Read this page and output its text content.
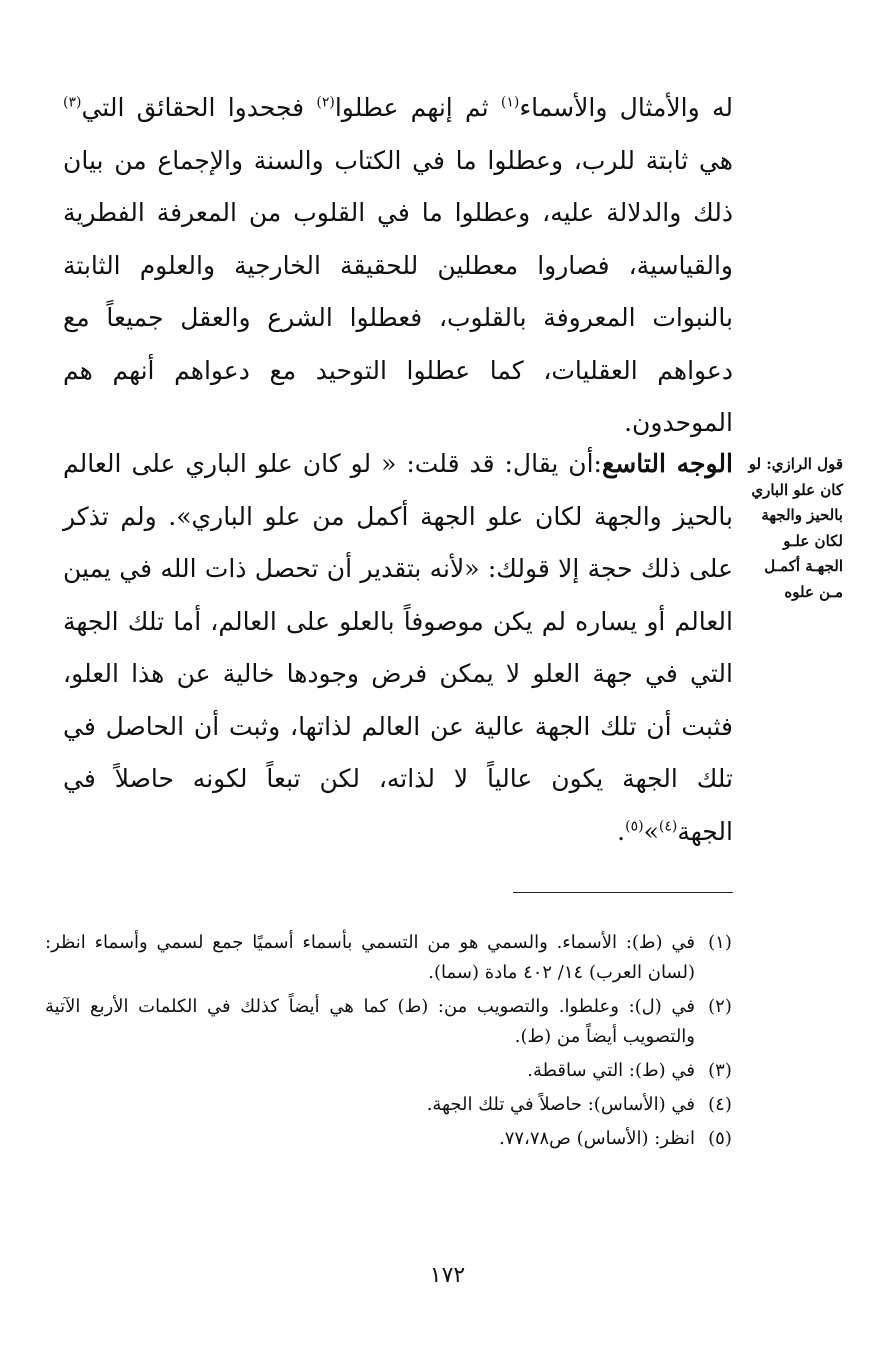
له والأمثال والأسماء$^{(١)}$ ثم إنهم عطلوا$^{(٢)}$ فجحدوا الحقائق التي$^{(٣)}$ هي ثابتة للرب، وعطلوا ما في الكتاب والسنة والإجماع من بيان ذلك والدلالة عليه، وعطلوا ما في القلوب من المعرفة الفطرية والقياسية، فصاروا معطلين للحقيقة الخارجية والعلوم الثابتة بالنبوات المعروفة بالقلوب، فعطلوا الشرع والعقل جميعاً مع دعواهم العقليات، كما عطلوا التوحيد مع دعواهم أنهم هم الموحدون.

الوجه التاسع:أن يقال: قد قلت: « لو كان علو الباري على العالم بالحيز والجهة لكان علو الجهة أكمل من علو الباري». ولم تذكر على ذلك حجة إلا قولك: «لأنه بتقدير أن تحصل ذات الله في يمين العالم أو يساره لم يكن موصوفاً بالعلو على العالم، أما تلك الجهة التي في جهة العلو لا يمكن فرض وجودها خالية عن هذا العلو، فثبت أن تلك الجهة عالية عن العالم لذاتها، وثبت أن الحاصل في تلك الجهة يكون عالياً لا لذاته، لكن تبعاً لكونه حاصلاً في الجهة$^{(٤)}$»$^{(٥)}$.

قول الرازي: لو كان علو الباري بالحيز والجهة لكان علـو الجهـة أكمـل مـن علوه
(١)
في (ط): الأسماء. والسمي هو من التسمي بأسماء أسميًا جمع لسمي وأسماء انظر: (لسان العرب) ١٤/ ٤٠٢ مادة (سما).
(٢)
في (ل): وعلطوا. والتصويب من: (ط) كما هي أيضاً كذلك في الكلمات الأربع الآتية والتصويب أيضاً من (ط).
(٣)
في (ط): التي ساقطة.
(٤)
في (الأساس): حاصلاً في تلك الجهة.
(٥)
انظر: (الأساس) ص٧٧،٧٨.
١٧٢
